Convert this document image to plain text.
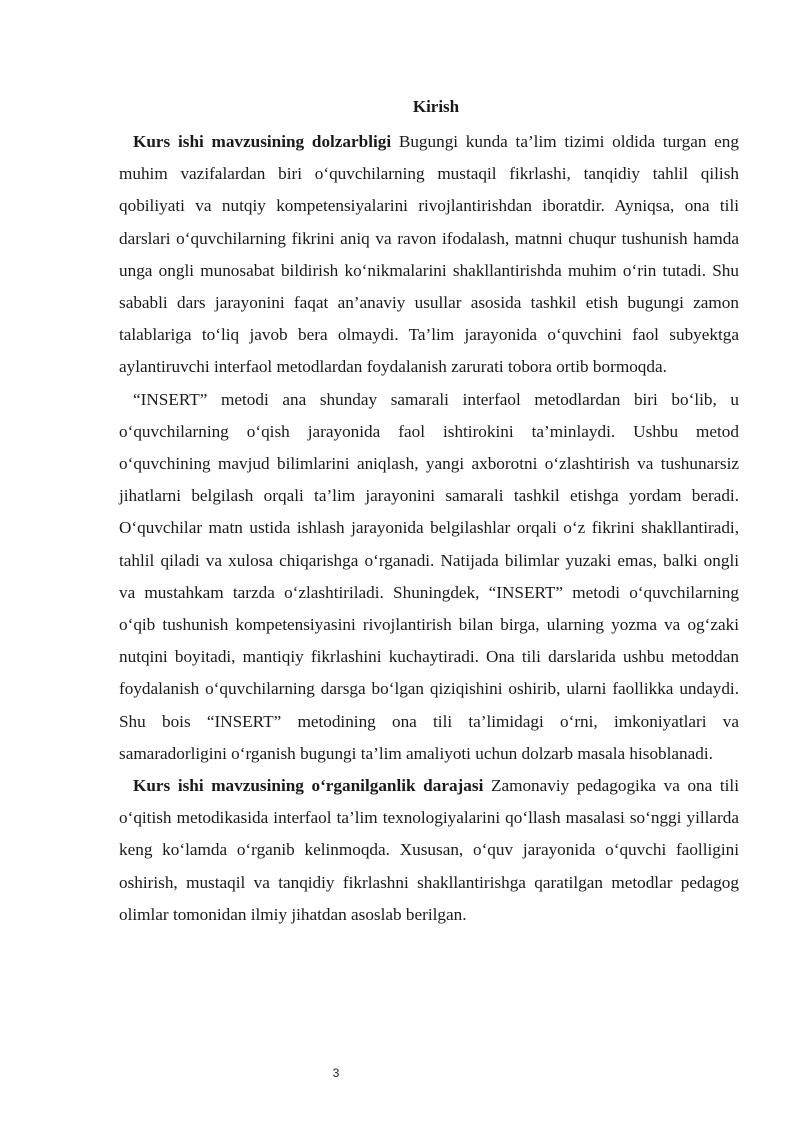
Kirish

Kurs ishi mavzusining dolzarbligi Bugungi kunda ta’lim tizimi oldida turgan eng muhim vazifalardan biri o‘quvchilarning mustaqil fikrlashi, tanqidiy tahlil qilish qobiliyati va nutqiy kompetensiyalarini rivojlantirishdan iboratdir. Ayniqsa, ona tili darslari o‘quvchilarning fikrini aniq va ravon ifodalash, matnni chuqur tushunish hamda unga ongli munosabat bildirish ko‘nikmalarini shakllantirishda muhim o‘rin tutadi. Shu sababli dars jarayonini faqat an’anaviy usullar asosida tashkil etish bugungi zamon talablariga to‘liq javob bera olmaydi. Ta’lim jarayonida o‘quvchini faol subyektga aylantiruvchi interfaol metodlardan foydalanish zarurati tobora ortib bormoqda.

“INSERT” metodi ana shunday samarali interfaol metodlardan biri bo‘lib, u o‘quvchilarning o‘qish jarayonida faol ishtirokini ta’minlaydi. Ushbu metod o‘quvchining mavjud bilimlarini aniqlash, yangi axborotni o‘zlashtirish va tushunarsiz jihatlarni belgilash orqali ta’lim jarayonini samarali tashkil etishga yordam beradi. O‘quvchilar matn ustida ishlash jarayonida belgilashlar orqali o‘z fikrini shakllantiradi, tahlil qiladi va xulosa chiqarishga o‘rganadi. Natijada bilimlar yuzaki emas, balki ongli va mustahkam tarzda o‘zlashtiriladi. Shuningdek, “INSERT” metodi o‘quvchilarning o‘qib tushunish kompetensiyasini rivojlantirish bilan birga, ularning yozma va og‘zaki nutqini boyitadi, mantiqiy fikrlashini kuchaytiradi. Ona tili darslarida ushbu metoddan foydalanish o‘quvchilarning darsga bo‘lgan qiziqishini oshirib, ularni faollikka undaydi. Shu bois “INSERT” metodining ona tili ta’limidagi o‘rni, imkoniyatlari va samaradorligini o‘rganish bugungi ta’lim amaliyoti uchun dolzarb masala hisoblanadi.

Kurs ishi mavzusining o‘rganilganlik darajasi Zamonaviy pedagogika va ona tili o‘qitish metodikasida interfaol ta’lim texnologiyalarini qo‘llash masalasi so‘nggi yillarda keng ko‘lamda o‘rganib kelinmoqda. Xususan, o‘quv jarayonida o‘quvchi faolligini oshirish, mustaqil va tanqidiy fikrlashni shakllantirishga qaratilgan metodlar pedagog olimlar tomonidan ilmiy jihatdan asoslab berilgan.

3
